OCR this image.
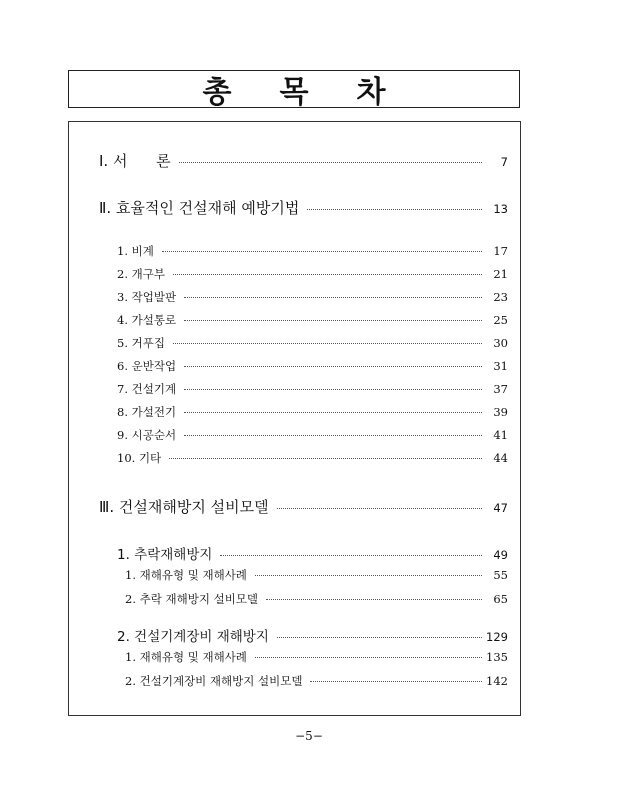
총 목 차
Ⅰ. 서      론	7
Ⅱ. 효율적인 건설재해 예방기법	13
1. 비계	17
2. 개구부	21
3. 작업발판	23
4. 가설통로	25
5. 거푸집	30
6. 운반작업	31
7. 건설기계	37
8. 가설전기	39
9. 시공순서	41
10. 기타	44
Ⅲ. 건설재해방지 설비모델	47
1. 추락재해방지	49
1. 재해유형 및 재해사례	55
2. 추락 재해방지 설비모델	65
2. 건설기계장비 재해방지	129
1. 재해유형 및 재해사례	135
2. 건설기계장비 재해방지 설비모델	142
−5−
